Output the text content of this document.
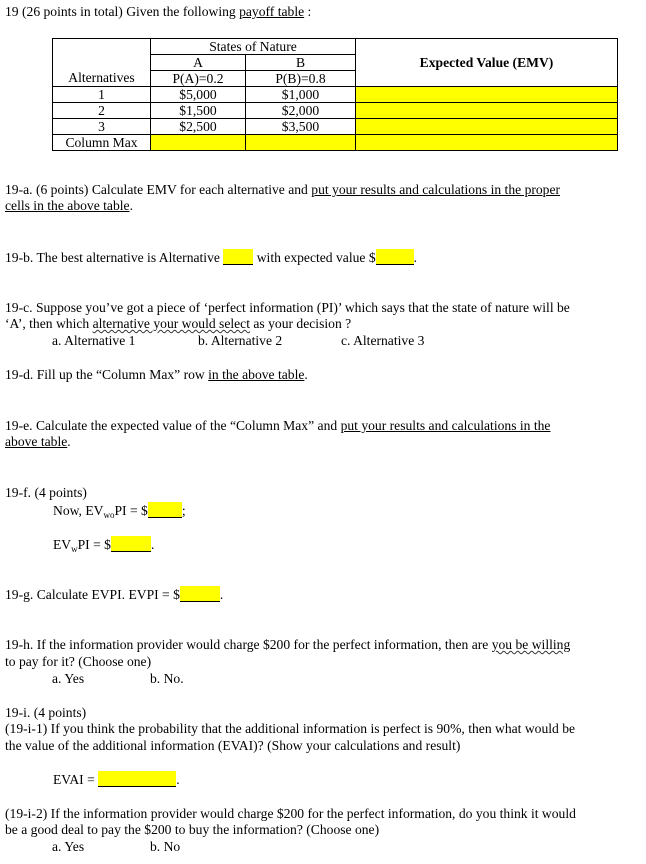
19 (26 points in total) Given the following payoff table :
	States of Nature		Expected Value (EMV)
	A	B	
Alternatives	P(A)=0.2	P(B)=0.8	
1	$5,000	$1,000	
2	$1,500	$2,000	
3	$2,500	$3,500	
Column Max			
19-a. (6 points) Calculate EMV for each alternative and put your results and calculations in the proper
cells in the above table.
19-b. The best alternative is Alternative  with expected value $	.
19-c. Suppose you’ve got a piece of ‘perfect information (PI)’ which says that the state of nature will be
‘A’, then which alternative your would select as your decision ?
a. Alternative 1	b. Alternative 2	c. Alternative 3
19-d. Fill up the “Column Max” row in the above table.
19-e. Calculate the expected value of the “Column Max” and put your results and calculations in the
above table.
19-f. (4 points)
Now, $EV_{wo}PI$ = $	;
$EV_wPI$ = $	.
19-g. Calculate EVPI. EVPI = $	.
19-h. If the information provider would charge $200 for the perfect information, then are you be willing
to pay for it? (Choose one)
a. Yes	b. No.
19-i. (4 points)
(19-i-1) If you think the probability that the additional information is perfect is 90%, then what would be
the value of the additional information (EVAI)? (Show your calculations and result)
EVAI =	.
(19-i-2) If the information provider would charge $200 for the perfect information, do you think it would
be a good deal to pay the $200 to buy the information? (Choose one)
a. Yes	b. No
